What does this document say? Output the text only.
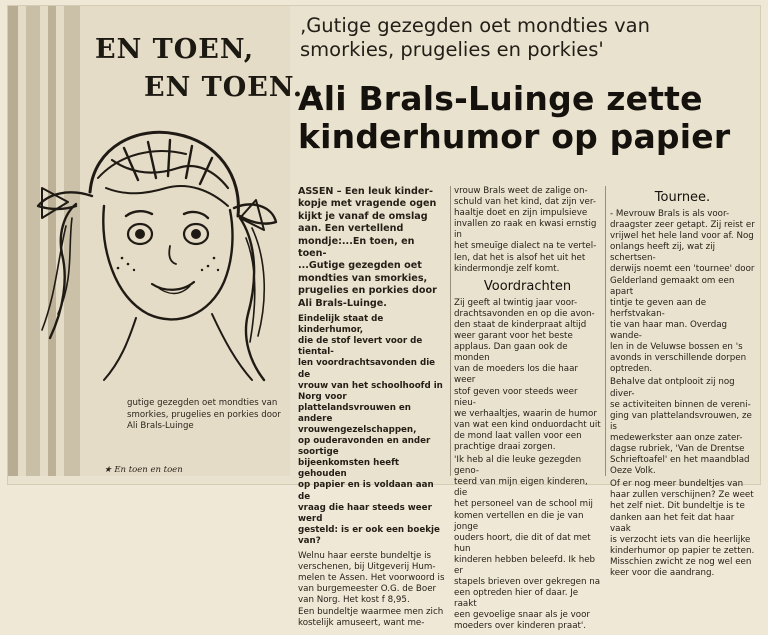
EN TOEN,
EN TOEN...
gutige gezegden oet mondties van smorkies, prugelies en porkies door Ali Brals-Luinge
★ En toen en toen
‚Gutige gezegden oet mondties van smorkies, prugelies en porkies'
Ali Brals-Luinge zette kinderhumor op papier
ASSEN – Een leuk kinder-
kopje met vragende ogen
kijkt je vanaf de omslag
aan. Een vertellend
mondje:...En toen, en toen-
...Gutige gezegden oet
mondties van smorkies,
prugelies en porkies door
Ali Brals-Luinge.
Eindelijk staat de kinderhumor,
die de stof levert voor de tiental-
len voordrachtsavonden die de
vrouw van het schoolhoofd in
Norg voor plattelandsvrouwen en
andere vrouwengezelschappen,
op ouderavonden en ander soortige
bijeenkomsten heeft gehouden
op papier en is voldaan aan de
vraag die haar steeds weer werd
gesteld: is er ook een boekje van?

Welnu haar eerste bundeltje is
verschenen, bij Uitgeverij Hum-
melen te Assen. Het voorwoord is
van burgemeester O.G. de Boer
van Norg. Het kost f 8,95.
Een bundeltje waarmee men zich
kostelijk amuseert, want me-

vrouw Brals weet de zalige on-
schuld van het kind, dat zijn ver-
haaltje doet en zijn impulsieve
invallen zo raak en kwasi ernstig in
het smeuïge dialect na te vertel-
len, dat het is alsof het uit het
kindermondje zelf komt.

Voordrachten

Zij geeft al twintig jaar voor-
drachtsavonden en op die avon-
den staat de kinderpraat altijd
weer garant voor het beste
applaus. Dan gaan ook de monden
van de moeders los die haar weer
stof geven voor steeds weer nieu-
we verhaaltjes, waarin de humor
van wat een kind onduordacht uit
de mond laat vallen voor een
prachtige draai zorgen.

'Ik heb al die leuke gezegden geno-
teerd van mijn eigen kinderen, die
het personeel van de school mij
komen vertellen en die je van jonge
ouders hoort, die dit of dat met hun
kinderen hebben beleefd. Ik heb er
stapels brieven over gekregen na
een optreden hier of daar. Je raakt
een gevoelige snaar als je voor
moeders over kinderen praat'.

Tournee.

- Mevrouw Brals is als voor-
draagster zeer getapt. Zij reist er
vrijwel het hele land voor af. Nog
onlangs heeft zij, wat zij schertsen-
derwijs noemt een 'tournee' door
Gelderland gemaakt om een apart
tintje te geven aan de herfstvakan-
tie van haar man. Overdag wande-
len in de Veluwse bossen en 's
avonds in verschillende dorpen
optreden.

Behalve dat ontplooit zij nog diver-
se activiteiten binnen de vereni-
ging van plattelandsvrouwen, ze is
medewerkster aan onze zater-
dagse rubriek, 'Van de Drentse
Schrieftoafel' en het maandblad
Oeze Volk.

Of er nog meer bundeltjes van
haar zullen verschijnen? Ze weet
het zelf niet. Dit bundeltje is te
danken aan het feit dat haar vaak
is verzocht iets van die heerlijke
kinderhumor op papier te zetten.
Misschien zwicht ze nog wel een
keer voor die aandrang.
